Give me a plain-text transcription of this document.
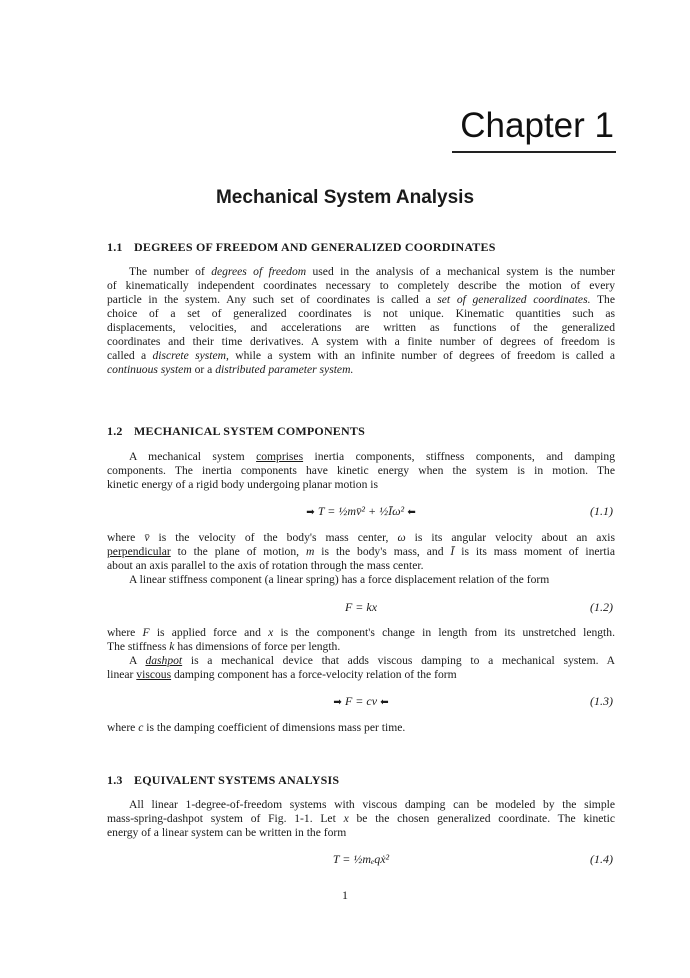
Chapter 1
Mechanical System Analysis
1.1 DEGREES OF FREEDOM AND GENERALIZED COORDINATES
1.2 MECHANICAL SYSTEM COMPONENTS
1.3 EQUIVALENT SYSTEMS ANALYSIS
The number of degrees of freedom used in the analysis of a mechanical system is the number
of kinematically independent coordinates necessary to completely describe the motion of every
particle in the system. Any such set of coordinates is called a set of generalized coordinates. The
choice of a set of generalized coordinates is not unique. Kinematic quantities such as
displacements, velocities, and accelerations are written as functions of the generalized
coordinates and their time derivatives. A system with a finite number of degrees of freedom is
called a discrete system, while a system with an infinite number of degrees of freedom is called a
continuous system or a distributed parameter system.
A mechanical system comprises inertia components, stiffness components, and damping
components. The inertia components have kinetic energy when the system is in motion. The
kinetic energy of a rigid body undergoing planar motion is
where v̄ is the velocity of the body's mass center, ω is its angular velocity about an axis
perpendicular to the plane of motion, m is the body's mass, and Ī is its mass moment of inertia
about an axis parallel to the axis of rotation through the mass center.
A linear stiffness component (a linear spring) has a force displacement relation of the form
where F is applied force and x is the component's change in length from its unstretched length.
The stiffness k has dimensions of force per length.
A dashpot is a mechanical device that adds viscous damping to a mechanical system. A
linear viscous damping component has a force-velocity relation of the form
where c is the damping coefficient of dimensions mass per time.
All linear 1-degree-of-freedom systems with viscous damping can be modeled by the simple
mass-spring-dashpot system of Fig. 1-1. Let x be the chosen generalized coordinate. The kinetic
energy of a linear system can be written in the form
➡ T = ½mv̄² + ½Īω² ⬅	(1.1)
F = kx	(1.2)
➡ F = cv ⬅	(1.3)
T = ½mₑqẋ²	(1.4)
1
